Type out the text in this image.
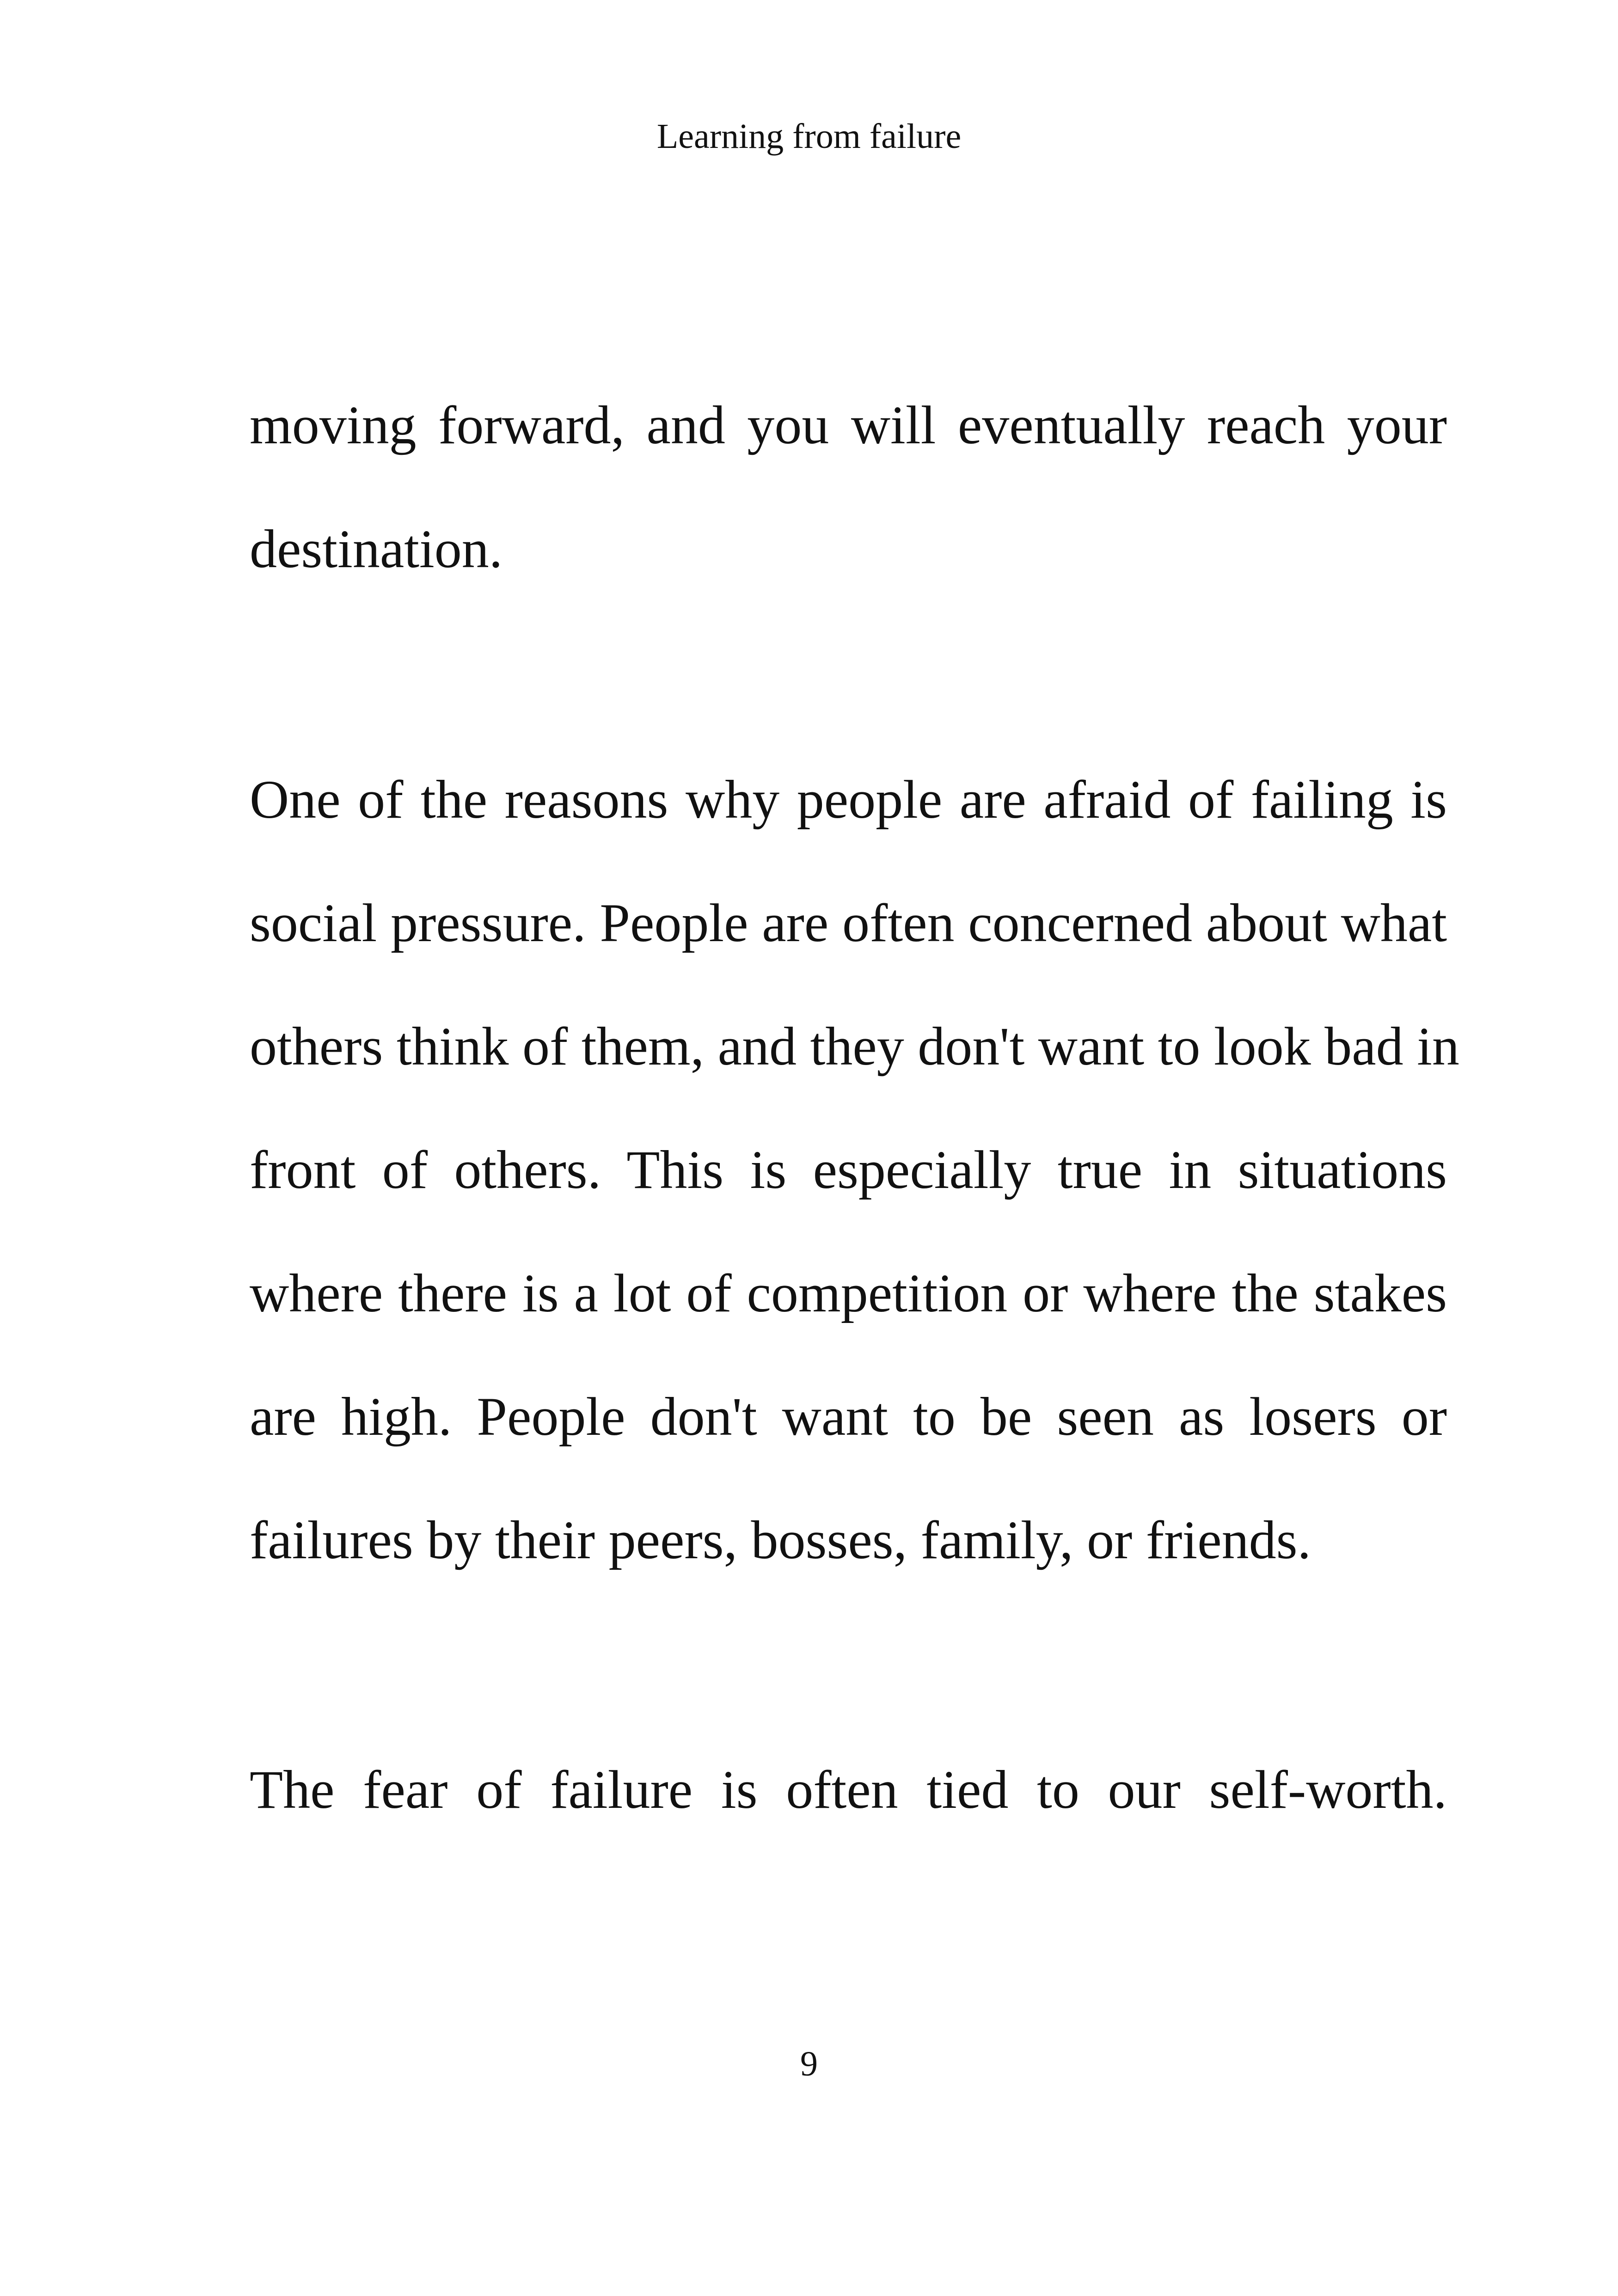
Learning from failure
moving forward, and you will eventually reach your
destination.
One of the reasons why people are afraid of failing is
social pressure. People are often concerned about what
others think of them, and they don't want to look bad in
front of others. This is especially true in situations
where there is a lot of competition or where the stakes
are high. People don't want to be seen as losers or
failures by their peers, bosses, family, or friends.
The fear of failure is often tied to our self-worth.
9
